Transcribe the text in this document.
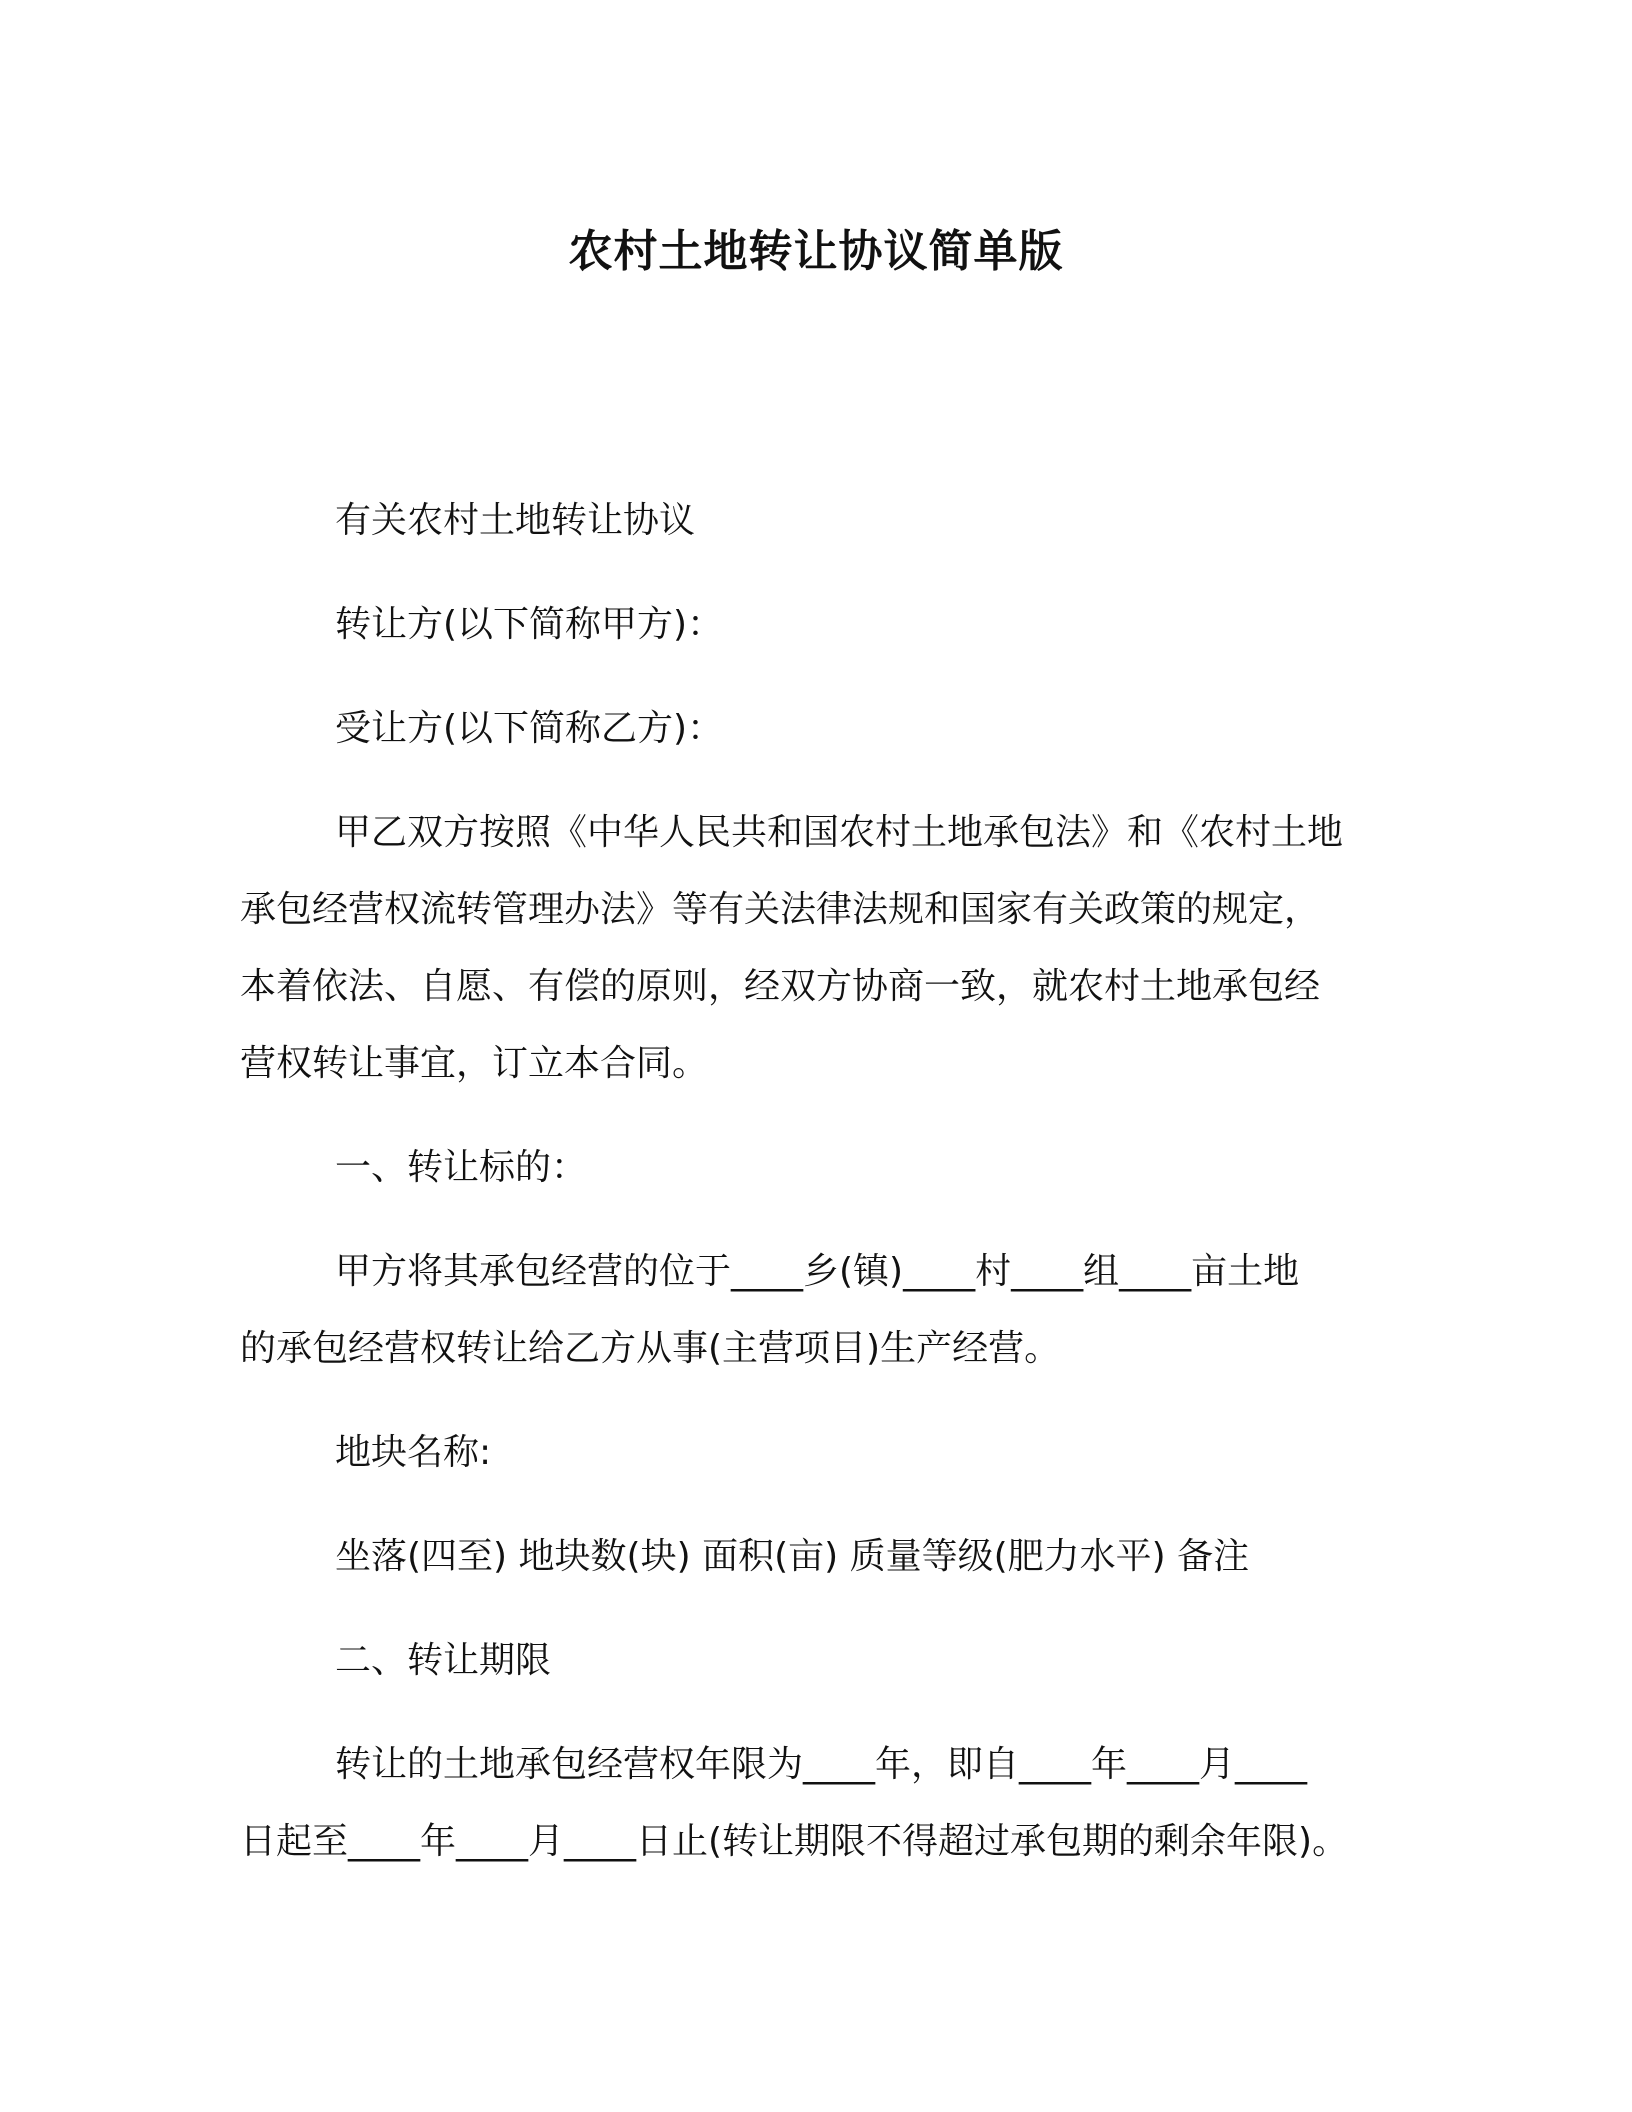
农村土地转让协议简单版
有关农村土地转让协议
转让方(以下简称甲方)：
受让方(以下简称乙方)：
甲乙双方按照《中华人民共和国农村土地承包法》和《农村土地
承包经营权流转管理办法》等有关法律法规和国家有关政策的规定，
本着依法、自愿、有偿的原则，经双方协商一致，就农村土地承包经
营权转让事宜，订立本合同。
一、转让标的：
甲方将其承包经营的位于____乡(镇)____村____组____亩土地
的承包经营权转让给乙方从事(主营项目)生产经营。
地块名称:
坐落(四至) 地块数(块) 面积(亩) 质量等级(肥力水平) 备注
二、转让期限
转让的土地承包经营权年限为____年，即自____年____月____
日起至____年____月____日止(转让期限不得超过承包期的剩余年限)。
